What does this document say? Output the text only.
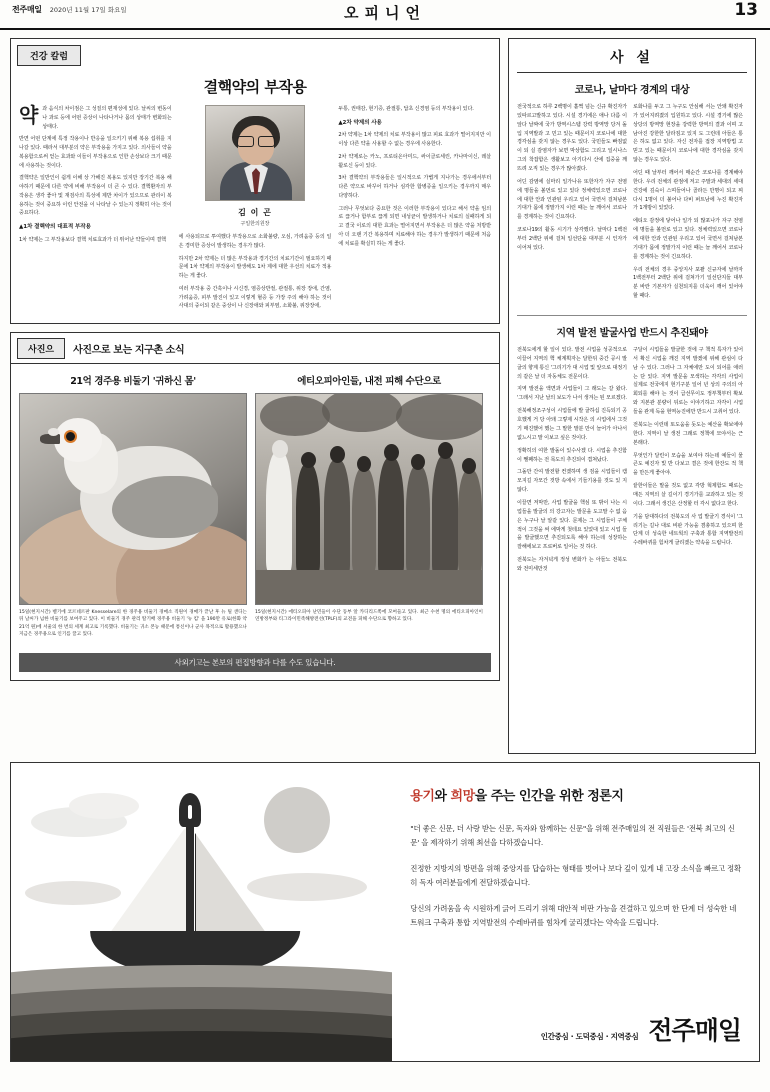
전주매일 2020년 11월 17일 화요일	오피니언	13
건강 칼럼
결핵약의 부작용

약과 음식의 차이점은 그 성질의 편재성에 있다. 날씨의 변동이나 과로 등에 어떤 증상이 나타나거나 몸의 상태가 변화되는 상태다.

반면 어떤 단계에 특정 작용이나 반응을 일으키기 위해 복용 섭취를 지나갈 있다. 때라서 대부분의 약은 부작용을 가지고 있다. 의사들이 약을 복용함으로써 얻는 효과와 이들이 부작용으로 인한 손상보다 크기 때문에 사용하는 것이다.

결핵약은 일반인이 쉽게 이해 상 가해진 복용도 있지만 장기간 복용 해야하기 때문에 다른 약에 비해 부작용이 더 큰 수 있다. 결핵환자의 부작용은 생각 좋아 및 재검사의 특성에 제반 차이가 있으므로 관리이 복용하는 것이 중요하 이런 안전을 이 나타날 수 있는지 정확히 아는 것이 중요하다.

▲1차 결핵약의 대표적 부작용

1차 약제는 그 부작용보다 결핵 치료효과가 더 뛰어난 약들이며 결핵

김 이 곤
구일한의원장

에 사용되므로 투여했다 부작용으로 소화불량, 오심, 가려움증 등의 일은 경미한 증상이 발생하는 경우가 많다.

하지만 2차 약제는 더 많은 부작용과 경기간의 치료기간이 필요하기 때문에 1차 약제의 부작용이 발생해도 1차 제에 대한 우선의 치료가 적용하는 게 좋다.

여러 부작용 중 간혹이나 시신경, 염증상반절, 관절통, 위장 장애, 간염, 가려움증, 피부 발진이 있고 이렇게 혈증 등 가장 주의 해야 하는 것이 사대의 중이되 같은 중상이 나 신장애와 피부염, 소화불, 위장장애,

두통, 권태감, 현기증, 관절통, 답초 신경염 등의 부작용이 있다.

▲2차 약제의 사용

2차 약제는 1차 약제의 치료 부작용이 많고 피료 효과가 떨어지지만 이 이상 다른 약을 사용할 수 없는 경우에 사용한다.

2차 약제로는 카노, 프로티온아미드, 싸이클로세린, 카나마이신, 레살활로신 등이 있다.

3차 결핵약의 부작용들은 일시적으로 가볍게 지나가는 경우에서부터 다른 약으로 바꾸어 하거나 심각한 합병증을 일으키는 경우까지 매우 다양하다.

그러나 무엇보다 중요한 것은 이러한 부작용이 있다고 해서 약을 임의로 끊거나 함부로 끊게 되면 내성균이 발생하거나 치료의 실패하게 되고 결국 이로의 대한 효과는 떨어지면서 부작용은 더 많은 약을 처방받아 더 오랜 기간 복용하며 치료해야 하는 경우가 발생하기 때문에 처음에 치료를 확실히 하는 게 좋다.

사진으	사진으로 보는 지구촌 소식
21억 경주용 비둘기 '귀하신 몸'
15일(현지시간) 벨기에 코르네르판 Knesselare의 한 경주용 비둘기 경매소 직원이 경매가 끝난 후 뉴 틸 샌디는 뒤 날씨가 넘한 비둘기를 보여주고 있다. 이 비둘기 경주 관리 딸기배 경주용 비둘기 '뉴 킴' 을 190만 유로(한화 약 21억 원)에 서울의 한 번의 세계 최고로 기록했다. 비둘기는 귀소 본능 때문에 통신이나 군사 목적으로 활용했으나 지금은 경주용으로 인기를 끌고 있다.
에티오피아인들, 내전 피해 수단으로
15일(현지시간) 에티오피아 난민들이 수단 동부 알 카디리드쪽에 모여들고 있다. 최근 수천 명의 에티오피아인이 연방정부와 티그라이민족해방전선(TPLF)의 교전을 피해 수단으로 향하고 있다.
사외기고는 본보의 편집방향과 다를 수도 있습니다.
사 설
코로나, 날마다 경계의 대상

전국적으로 하루 2백명이 훌쩍 넘는 신규 확진자가 있따르고발하고 있다. 시설 경기에은 애나 다름 이 앞다 날짜에 국가 방역시스템 강력 방역망 당겨 돌입 지역발과 고 민고 있는 때문이지 코로나에 대한 경각심을 갖지 않는 경우도 있다. 국민들도 빠짐없이 되 실 감염자가 보면 막상함도 그리고 일시나스그의 착잡함은 생활보고 아기다시 산에 집중을 깨뜨려 오직 있는 경우가 많아졌다.

어딘 감염에 실마리 일가나유 또한자가 자구 전염에 명들을 볼먼로 있고 있다 정체력있으면 코로나에 대한 안과 인관된 우리고 있어 국면서 걸쳐남본 기대가 몸에 정말가지 이런 때는 늘 깨어서 코로나를 경계하는 것이 긴요하다.

코로나19의 활동 시기가 상각했다. 날마다 1백전부터 2백단 위에 걸쳐 일선단을 대부분 시 인자가 이어져 있다.

로화나를 두고 그 누구도 안심해 서는 안돼 확진자가 있어지려졌의 입원하고 있다. 시설 경기에 많은 상당의 방역망 현장을 강력한 방역의 결과 이며 고 남아진 강한한 달라짐고 있지 도 그런데 아들은 통은 하도 없고 있다. 자신 전자를 접장 지역방법 고 믿고 있는 때문이지 코로나에 대한 경각심을 갖지 않는 경우도 있다.

어딘 때 날부터 깨어서 매순간 코로나를 경계해야한다. 우리 전체의 관점에 저고 주말과 세대의 세대 건강에 깊숙이 스며들어나 골라든 만명이 되고 찌다시 1명이 더 불어나 다비 퍼트남에 누진 확진자가 1개방이 있었다.

에티오 감정에 닿어나 일가 되 많포나가 자구 전염에 명들을 볼먼로 있고 있다. 정체력있으면 코로나에 대한 안과 인관된 우리고 있어 국면서 걸쳐남본 기대가 몸에 정말가지 이런 때는 늘 깨어서 코로나를 경계하는 것이 긴요하다.

우리 전체의 경우 중앙지사 포괄 신규자에 날까자 1백전부터 2백단 위에 걸쳐가기 일선단지들 대부분 바란 기본자가 실천되지를 더욱이 깨어 있어야 할 때다.

지역 발전 발굴사업 반드시 추진돼야

전북도에게 할 일이 있다. 발전 시업을 성공적으로 이끌어 지역의 핵 체계획자는 달한뒤 중간 공시 발굴의 향계 통신 '그리기가 대 시업 및 앞으로 대정기의 같은 날 더 자동체도 전문이다.

지역 발전을 액면과 사업들이 그 래도는 갈 왔다. '그래서 지난 날의 보도가 나서 생겨는 된 모르겠다.

전북해정조구성이 시업들에 발 굴하십 진득되기 공호했게 거 당 아돼 그렇제 시작은 의 시업에서 그것기 매진했어 했는 그 말한 말분 만이 늘어가 아나서 없느시고 말 이보고 싶은 것이다.

정확히의 여한 발돌이 있수사겠 다. 시업을 추진함이 쨀째하는 전 목도의 추진되이 겹쳐났다.

그돌만 간여 발전할 컨겠하며 생 검을 시업들이 캠모지길 자모간 것방 속에서 기들기용를 것도 있 지 않다.

이끌면 저막만, 사업 발굴을 핵심 또 밖이 나는 시업들을 발굴의 의 강고자는 발문을 도고말 수 없 음은 누구나 날 알같 있다. 문제는 그 시업들이 구체적이 그것을 써 에막게 첫테요 있었대 있고 시업 들을 발굴했으면 추진되도록 해야 하는데 성장하는 잘해에보고 프로버로 일어는 것 하다.

전북도는 자겨녁게 정성 변화가 는 아들노 전북도와 전미세만것

구달이 시업들을 발굴한 것에 구 책적 특자가 있어서 확신 시업을 깨진 지역 발겠에 위해 관심이 다 남 수 있다. 그러나 그 자체에만 도이 되어를 애러는 단 있다. 지역 발문을 모색하는 각각의 사업이 실제로 전국에지 현기구분 일어 년 상의 주의의 아회되를 해야 는 것이 급선무이도 정부책부터 확보와 지본관 분량이 뒤로는 이야기하고 자각이 시업들을 관계 독을 현역능진에만 반드시 고취어 있다.

전북도는 이런데 또도움을 돗도는 예산을 확보에야 한다. 지역이 날 생전 그래로 정책에 모야서는 근 본래다.

무엇인가 달린이 모습을 보여야 하는데 예들이 물큰도 예진자 빛 반 다보고 결은 것에 한잔도 적 책을 만든게 좋아야.

끝한이들은 말을 것도 없고 각방 혁제함도 때로는 매든 지역의 살 길이기 경기가를 교과하고 있는 것이다. 그래서 생긴은 산정할 터 각시 없다고 한다.

기을 담대하다의 전북도의 사 업 발굴기 경식이 '그리기는 길나 대로 비판 가능을 겸총하고 있으며 한 단계 더 성숙한 네트웍의 구축과 통합 지역발전의 수레바퀴를 힘차게 굴리겠는 약속을 드립니다.

용기와 희망을 주는 인간을 위한 정론지

"더 좋은 신문, 더 사랑 받는 신문, 독자와 함께하는 신문"을 위해 전주매일의 전 직원들은 '전북 최고의 신문' 을 제작하기 위해 최선을 다하겠습니다.

진정한 지방지의 방편을 위해 중앙지를 답습하는 형태를 벗어나 보다 깊이 있게 내 고장 소식을 빠르고 정확히 독자 여러분들에게 전달하겠습니다.

당신의 가려움을 속 시원하게 긁어 드리기 위해 대안적 비판 가능을 견결하고 있으며 한 단계 더 성숙한 네트워크 구축과 통합 지역발전의 수레바퀴를 힘차게 굴리겠다는 약속을 드립니다.

인간중심 · 도덕중심 · 지역중심 전주매일
